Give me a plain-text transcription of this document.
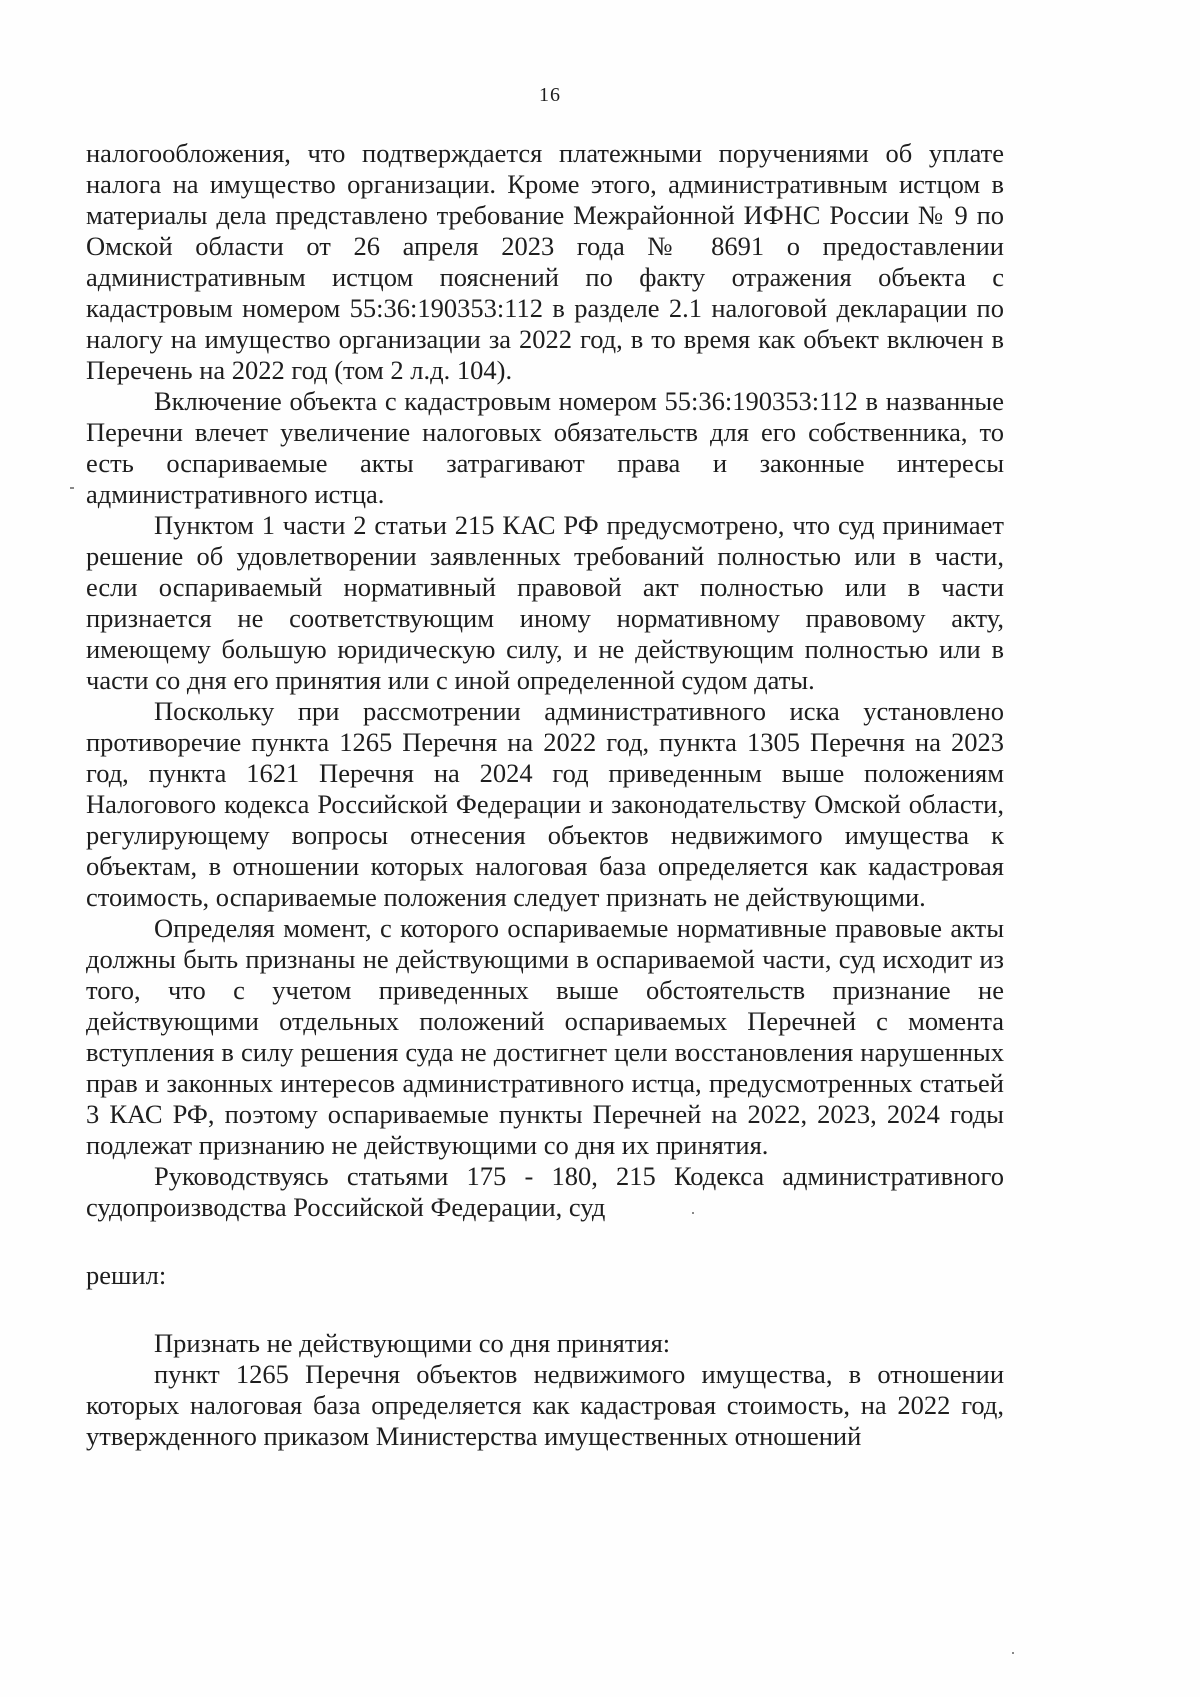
16

налогообложения, что подтверждается платежными поручениями об уплате налога на имущество организации. Кроме этого, административным истцом в материалы дела представлено требование Межрайонной ИФНС России № 9 по Омской области от 26 апреля 2023 года № 8691 о предоставлении административным истцом пояснений по факту отражения объекта с кадастровым номером 55:36:190353:112 в разделе 2.1 налоговой декларации по налогу на имущество организации за 2022 год, в то время как объект включен в Перечень на 2022 год (том 2 л.д. 104).

Включение объекта с кадастровым номером 55:36:190353:112 в названные Перечни влечет увеличение налоговых обязательств для его собственника, то есть оспариваемые акты затрагивают права и законные интересы административного истца.

Пунктом 1 части 2 статьи 215 КАС РФ предусмотрено, что суд принимает решение об удовлетворении заявленных требований полностью или в части, если оспариваемый нормативный правовой акт полностью или в части признается не соответствующим иному нормативному правовому акту, имеющему большую юридическую силу, и не действующим полностью или в части со дня его принятия или с иной определенной судом даты.

Поскольку при рассмотрении административного иска установлено противоречие пункта 1265 Перечня на 2022 год, пункта 1305 Перечня на 2023 год, пункта 1621 Перечня на 2024 год приведенным выше положениям Налогового кодекса Российской Федерации и законодательству Омской области, регулирующему вопросы отнесения объектов недвижимого имущества к объектам, в отношении которых налоговая база определяется как кадастровая стоимость, оспариваемые положения следует признать не действующими.

Определяя момент, с которого оспариваемые нормативные правовые акты должны быть признаны не действующими в оспариваемой части, суд исходит из того, что с учетом приведенных выше обстоятельств признание не действующими отдельных положений оспариваемых Перечней с момента вступления в силу решения суда не достигнет цели восстановления нарушенных прав и законных интересов административного истца, предусмотренных статьей 3 КАС РФ, поэтому оспариваемые пункты Перечней на 2022, 2023, 2024 годы подлежат признанию не действующими со дня их принятия.

Руководствуясь статьями 175 - 180, 215 Кодекса административного судопроизводства Российской Федерации, суд

решил:

Признать не действующими со дня принятия:

пункт 1265 Перечня объектов недвижимого имущества, в отношении которых налоговая база определяется как кадастровая стоимость, на 2022 год, утвержденного приказом Министерства имущественных отношений
